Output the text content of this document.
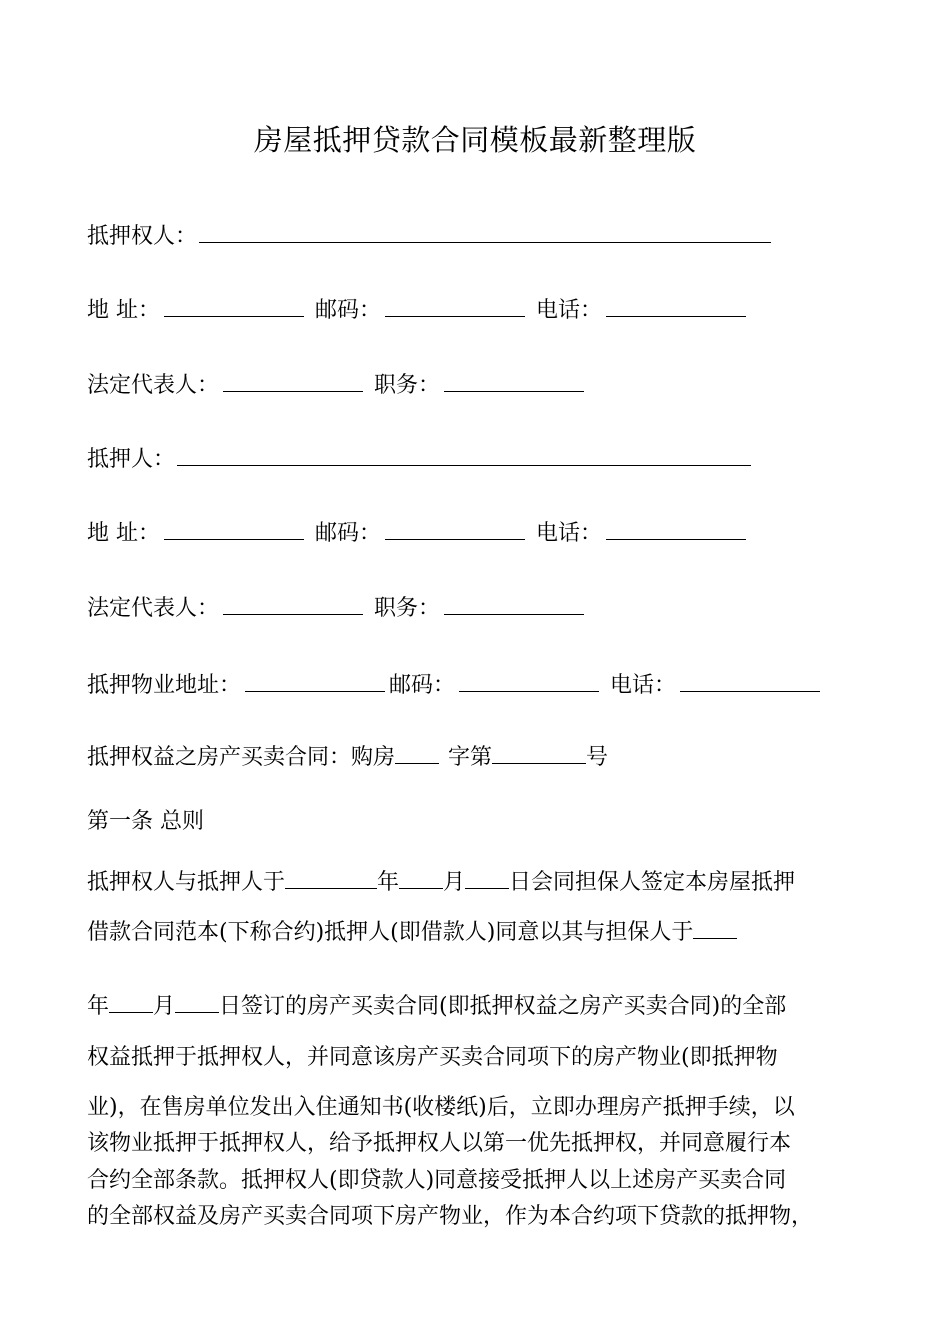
房屋抵押贷款合同模板最新整理版
抵押权人：
地 址：	邮码：	电话：
法定代表人：	职务：
抵押人：
地 址：	邮码：	电话：
法定代表人：	职务：
抵押物业地址：	邮码：	电话：
抵押权益之房产买卖合同：购房 字第	号
第一条 总则
抵押权人与抵押人于	年 月 日会同担保人签定本房屋抵押
借款合同范本(下称合约)抵押人(即借款人)同意以其与担保人于
年 月 日签订的房产买卖合同(即抵押权益之房产买卖合同)的全部
权益抵押于抵押权人，并同意该房产买卖合同项下的房产物业(即抵押物
业)，在售房单位发出入住通知书(收楼纸)后，立即办理房产抵押手续，以
该物业抵押于抵押权人，给予抵押权人以第一优先抵押权，并同意履行本
合约全部条款。抵押权人(即贷款人)同意接受抵押人以上述房产买卖合同
的全部权益及房产买卖合同项下房产物业，作为本合约项下贷款的抵押物，
